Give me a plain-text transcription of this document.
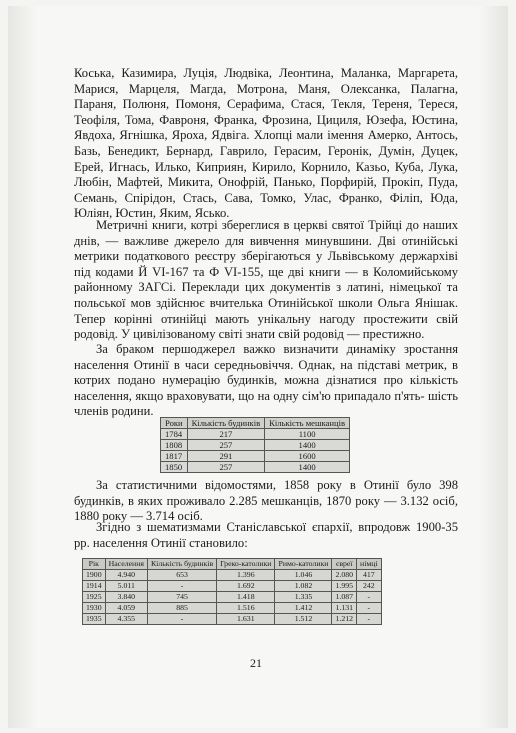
Коська, Казимира, Луція, Людвіка, Леонтина, Маланка, Маргарета, Марися, Марцеля, Магда, Мотрона, Маня, Олексанка, Палагна, Параня, Полюня, Помоня, Серафима, Стася, Текля, Тереня, Тереся, Теофіля, Тома, Фавроня, Франка, Фрозина, Цициля, Юзефа, Юстина, Явдоха, Ягнішка, Яроха, Ядвіга. Хлопці мали імення Амерко, Антось, Базь, Бенедикт, Бернард, Гаврило, Герасим, Геронік, Думін, Дуцек, Ерей, Игнась, Илько, Киприян, Кирило, Корнило, Казьо, Куба, Лука, Любін, Мафтей, Микита, Онофрій, Панько, Порфирій, Прокіп, Пуда, Семань, Спірідон, Стась, Сава, Томко, Улас, Франко, Філіп, Юда, Юліян, Юстин, Яким, Ясько.

Метричні книги, котрі збереглися в церкві святої Трійці до наших днів, — важливе джерело для вивчення минувшини. Дві отинійські метрики податкового реєстру зберігаються у Львівському держархіві під кодами Й VI-167 та Ф VI-155, ще дві книги — в Коломийському районному ЗАГСі. Переклади цих документів з латині, німецької та польської мов здійснює вчителька Отинійської школи Ольга Янішак. Тепер корінні отинійці мають унікальну нагоду простежити свій родовід. У цивілізованому світі знати свій родовід — престижно.

За браком першоджерел важко визначити динаміку зростання населення Отинії в часи середньовіччя. Однак, на підставі метрик, в котрих подано нумерацію будинків, можна дізнатися про кількість населення, якщо враховувати, що на одну сім'ю припадало п'ять- шість членів родини.

Роки	Кількість будинків	Кількість мешканців
1784	217	1100
1808	257	1400
1817	291	1600
1850	257	1400

За статистичними відомостями, 1858 року в Отинії було 398 будинків, в яких проживало 2.285 мешканців, 1870 року — 3.132 осіб, 1880 року — 3.714 осіб.

Згідно з шематизмами Станіславської єпархії, впродовж 1900-35 рр. населення Отинії становило:

Рік	Населення	Кількість будинків	Греко-католики	Римо-католики	євреї	німці
1900	4.940	653	1.396	1.046	2.080	417
1914	5.011	-	1.692	1.082	1.995	242
1925	3.840	745	1.418	1.335	1.087	-
1930	4.059	885	1.516	1.412	1.131	-
1935	4.355	-	1.631	1.512	1.212	-
21
